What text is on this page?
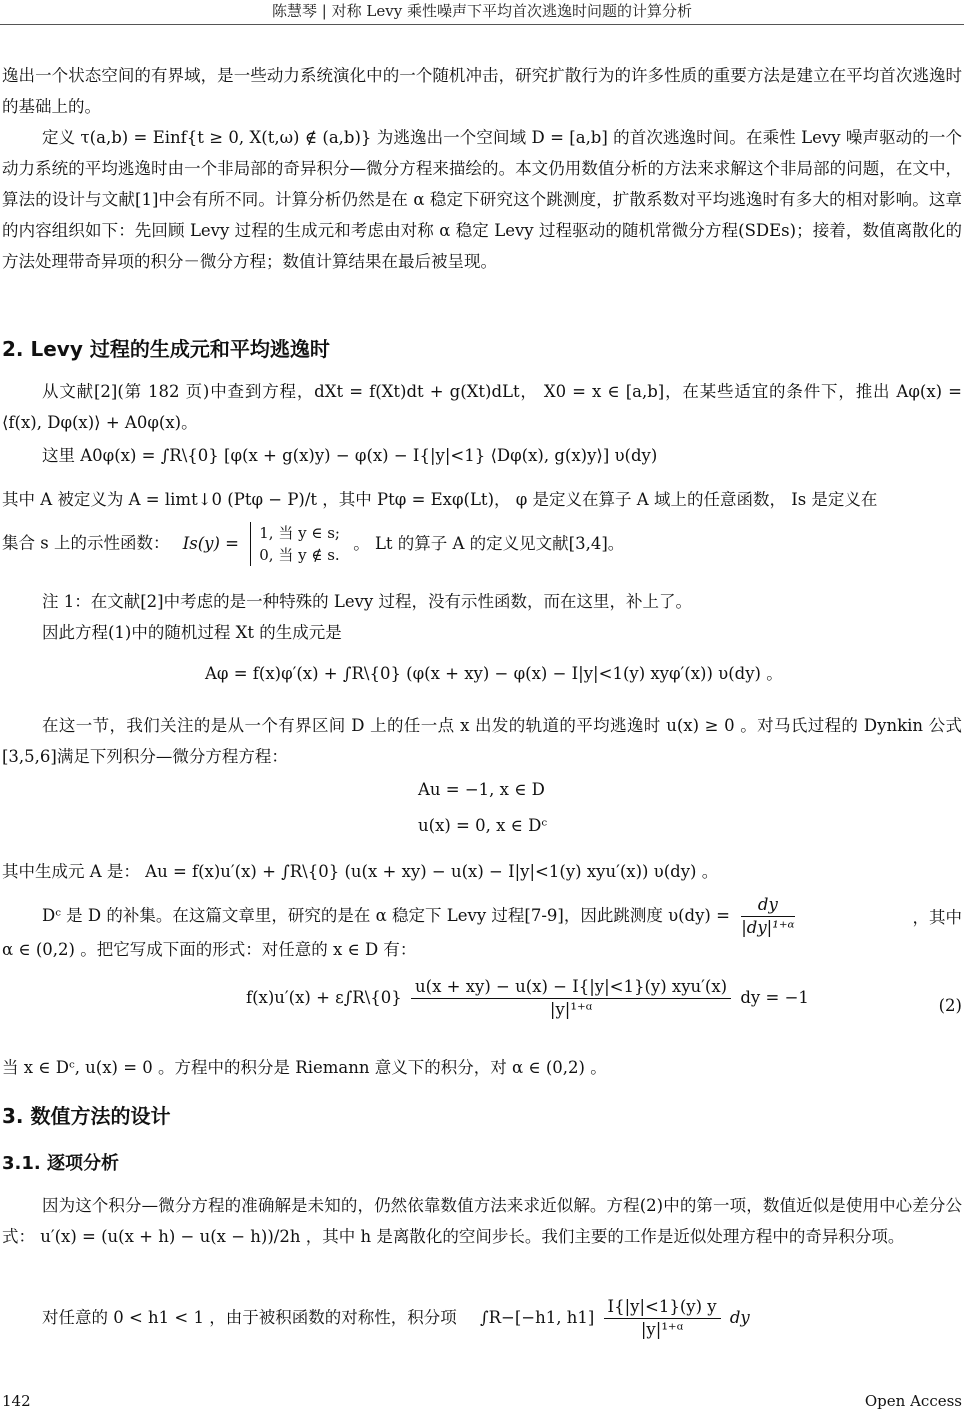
陈慧琴 | 对称 Levy 乘性噪声下平均首次逃逸时问题的计算分析
逸出一个状态空间的有界域，是一些动力系统演化中的一个随机冲击，研究扩散行为的许多性质的重要方法是建立在平均首次逃逸时的基础上的。
定义 τ(a,b) = Einf{t ≥ 0, X(t,ω) ∉ (a,b)} 为逃逸出一个空间域 D = [a,b] 的首次逃逸时间。在乘性 Levy 噪声驱动的一个动力系统的平均逃逸时由一个非局部的奇异积分—微分方程来描绘的。本文仍用数值分析的方法来求解这个非局部的问题，在文中，算法的设计与文献[1]中会有所不同。计算分析仍然是在 α 稳定下研究这个跳测度，扩散系数对平均逃逸时有多大的相对影响。这章的内容组织如下：先回顾 Levy 过程的生成元和考虑由对称 α 稳定 Levy 过程驱动的随机常微分方程(SDEs)；接着，数值离散化的方法处理带奇异项的积分－微分方程；数值计算结果在最后被呈现。
2. Levy 过程的生成元和平均逃逸时
从文献[2](第 182 页)中查到方程，dXt = f(Xt)dt + g(Xt)dLt， X0 = x ∈ [a,b]，在某些适宜的条件下，推出 Aφ(x) = ⟨f(x), Dφ(x)⟩ + A0φ(x)。
这里 A0φ(x) = ∫R\{0} [φ(x + g(x)y) − φ(x) − I{|y|<1} ⟨Dφ(x), g(x)y⟩] υ(dy)
其中 A 被定义为 A = limt↓0 (Ptφ − P)/t ，其中 Ptφ = Exφ(Lt)， φ 是定义在算子 A 域上的任意函数， Is 是定义在
集合 s 上的示性函数： Is(y) =
1, 当 y ∈ s;
0, 当 y ∉ s.
。 Lt 的算子 A 的定义见文献[3,4]。
注 1：在文献[2]中考虑的是一种特殊的 Levy 过程，没有示性函数，而在这里，补上了。
因此方程(1)中的随机过程 Xt 的生成元是
Aφ = f(x)φ′(x) + ∫R\{0} (φ(x + xy) − φ(x) − I|y|<1(y) xyφ′(x)) υ(dy) 。
在这一节，我们关注的是从一个有界区间 D 上的任一点 x 出发的轨道的平均逃逸时 u(x) ≥ 0 。对马氏过程的 Dynkin 公式[3,5,6]满足下列积分—微分方程方程：
Au = −1, x ∈ D
u(x) = 0, x ∈ Dᶜ
其中生成元 A 是： Au = f(x)u′(x) + ∫R\{0} (u(x + xy) − u(x) − I|y|<1(y) xyu′(x)) υ(dy) 。
Dᶜ 是 D 的补集。在这篇文章里，研究的是在 α 稳定下 Levy 过程[7-9]，因此跳测度 $\upsilon(dy) = \frac{dy}{\text{|dy|¹⁺ᵅ}}$	，其中
α ∈ (0,2) 。把它写成下面的形式：对任意的 x ∈ D 有：
f(x)u′(x) + ε∫R\{0} $\frac{\text{u(x + xy) − u(x) − I\{|y|<1\}(y) xyu′(x)}}{\text{|y|¹⁺ᵅ}}$ dy = −1	(2)
当 x ∈ Dᶜ, u(x) = 0 。方程中的积分是 Riemann 意义下的积分，对 α ∈ (0,2) 。
3. 数值方法的设计
3.1. 逐项分析
因为这个积分—微分方程的准确解是未知的，仍然依靠数值方法来求近似解。方程(2)中的第一项，数值近似是使用中心差分公式： u′(x) = (u(x + h) − u(x − h))/2h ，其中 h 是离散化的空间步长。我们主要的工作是近似处理方程中的奇异积分项。
对任意的 0 < h1 < 1 ，由于被积函数的对称性，积分项 ∫R−[−h1, $h1] \frac{I\{|y|<1\}(y) y}{\text{|y|¹⁺ᵅ}}$ dy
142	Open Access
